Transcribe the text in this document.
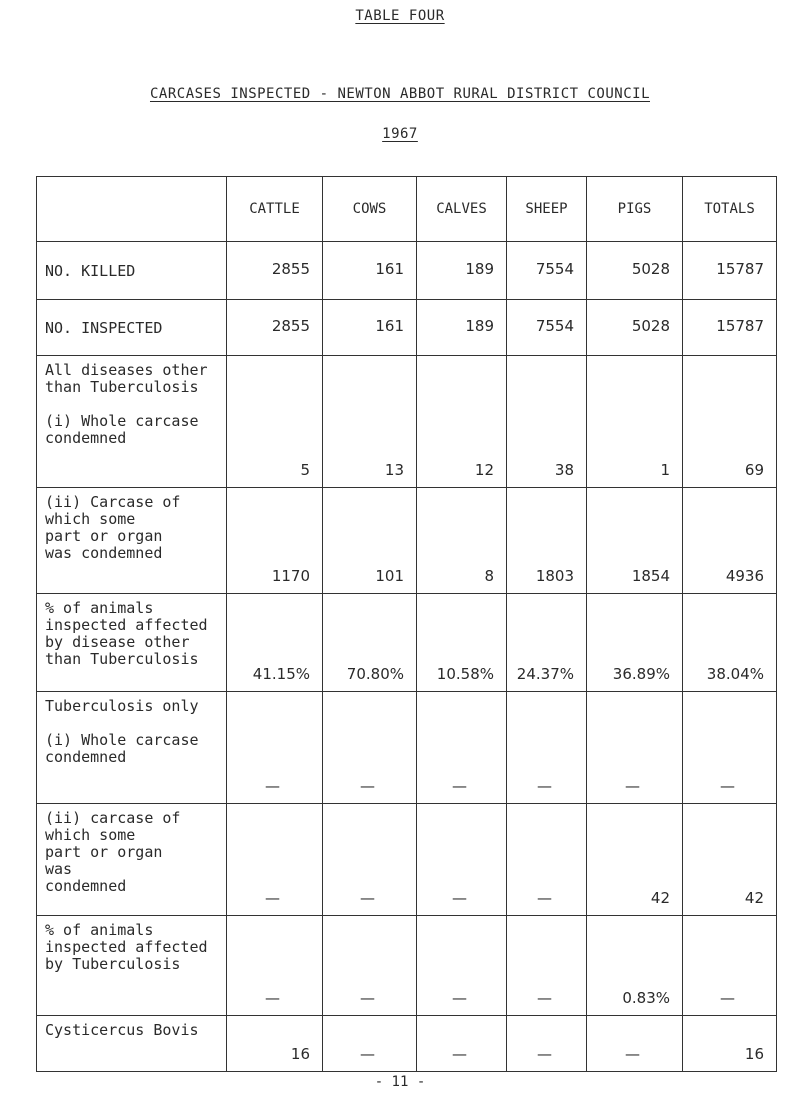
TABLE FOUR
CARCASES INSPECTED - NEWTON ABBOT RURAL DISTRICT COUNCIL
1967
	CATTLE	COWS	CALVES	SHEEP	PIGS	TOTALS
NO. KILLED	2855	161	189	7554	5028	15787
NO. INSPECTED	2855	161	189	7554	5028	15787
All diseases other
than Tuberculosis

(i) Whole carcase
condemned	5	13	12	38	1	69
(ii) Carcase of
which some
part or organ
was condemned	1170	101	8	1803	1854	4936
% of animals
inspected affected
by disease other
than Tuberculosis	41.15%	70.80%	10.58%	24.37%	36.89%	38.04%
Tuberculosis only

(i) Whole carcase
condemned	—	—	—	—	—	—
(ii) carcase of
which some
part or organ
was
condemned	—	—	—	—	42	42
% of animals
inspected affected
by Tuberculosis	—	—	—	—	0.83%	—
Cysticercus Bovis	16	—	—	—	—	16
- 11 -
